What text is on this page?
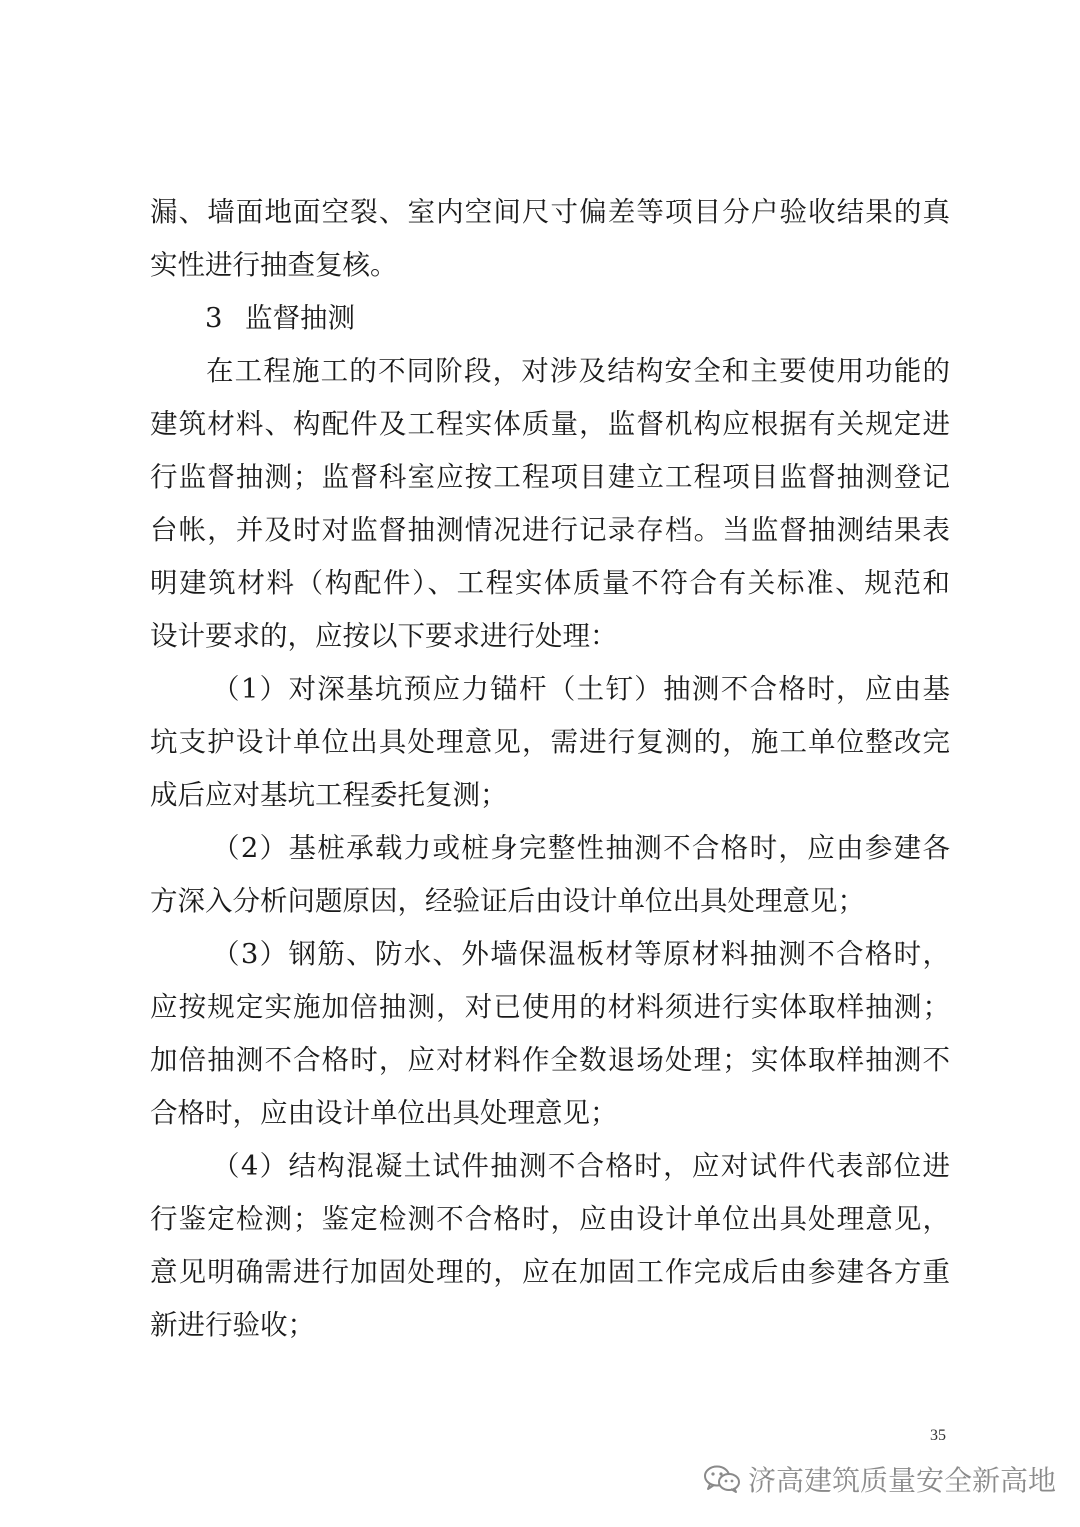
漏、墙面地面空裂、室内空间尺寸偏差等项目分户验收结果的真
实性进行抽查复核。
3 监督抽测
在工程施工的不同阶段，对涉及结构安全和主要使用功能的
建筑材料、构配件及工程实体质量，监督机构应根据有关规定进
行监督抽测；监督科室应按工程项目建立工程项目监督抽测登记
台帐，并及时对监督抽测情况进行记录存档。当监督抽测结果表
明建筑材料（构配件）、工程实体质量不符合有关标准、规范和
设计要求的，应按以下要求进行处理：
（1）对深基坑预应力锚杆（土钉）抽测不合格时，应由基
坑支护设计单位出具处理意见，需进行复测的，施工单位整改完
成后应对基坑工程委托复测；
（2）基桩承载力或桩身完整性抽测不合格时，应由参建各
方深入分析问题原因，经验证后由设计单位出具处理意见；
（3）钢筋、防水、外墙保温板材等原材料抽测不合格时，
应按规定实施加倍抽测，对已使用的材料须进行实体取样抽测；
加倍抽测不合格时，应对材料作全数退场处理；实体取样抽测不
合格时，应由设计单位出具处理意见；
（4）结构混凝土试件抽测不合格时，应对试件代表部位进
行鉴定检测；鉴定检测不合格时，应由设计单位出具处理意见，
意见明确需进行加固处理的，应在加固工作完成后由参建各方重
新进行验收；
35
济高建筑质量安全新高地
